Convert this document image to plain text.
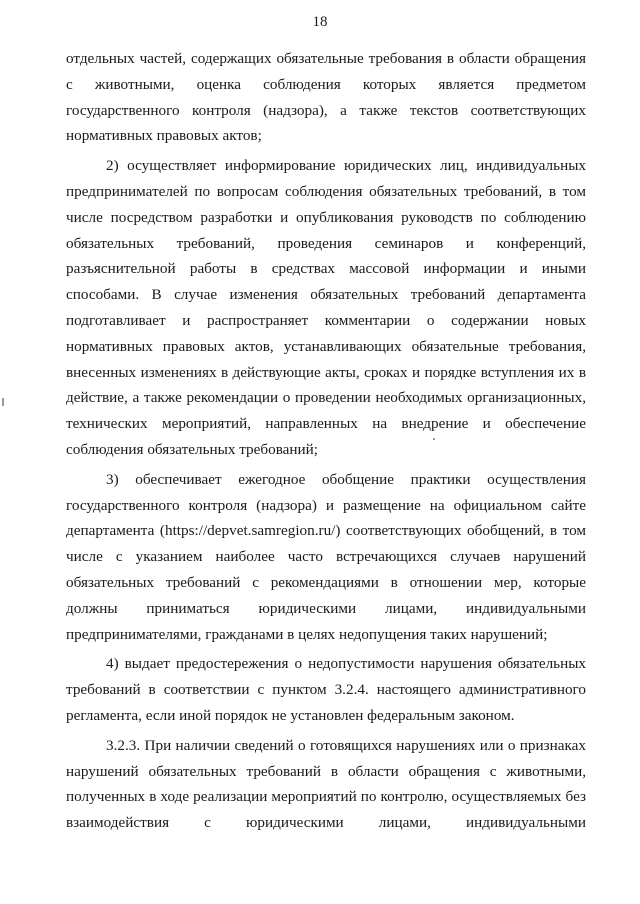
18

отдельных частей, содержащих обязательные требования в области обращения
с животными, оценка соблюдения которых является предметом
государственного контроля (надзора), а также текстов соответствующих
нормативных правовых актов;

2) осуществляет информирование юридических лиц, индивидуальных
предпринимателей по вопросам соблюдения обязательных требований, в том
числе посредством разработки и опубликования руководств по соблюдению
обязательных требований, проведения семинаров и конференций,
разъяснительной работы в средствах массовой информации и иными
способами. В случае изменения обязательных требований департамента
подготавливает и распространяет комментарии о содержании новых
нормативных правовых актов, устанавливающих обязательные требования,
внесенных изменениях в действующие акты, сроках и порядке вступления их в
действие, а также рекомендации о проведении необходимых организационных,
технических мероприятий, направленных на внедрение и обеспечение
соблюдения обязательных требований;

3) обеспечивает ежегодное обобщение практики осуществления
государственного контроля (надзора) и размещение на официальном сайте
департамента (https://depvet.samregion.ru/) соответствующих обобщений, в том
числе с указанием наиболее часто встречающихся случаев нарушений
обязательных требований с рекомендациями в отношении мер, которые
должны приниматься юридическими лицами, индивидуальными
предпринимателями, гражданами в целях недопущения таких нарушений;

4) выдает предостережения о недопустимости нарушения обязательных
требований в соответствии с пунктом 3.2.4. настоящего административного
регламента, если иной порядок не установлен федеральным законом.

3.2.3. При наличии сведений о готовящихся нарушениях или о признаках
нарушений обязательных требований в области обращения с животными,
полученных в ходе реализации мероприятий по контролю, осуществляемых без
взаимодействия с юридическими лицами, индивидуальными
